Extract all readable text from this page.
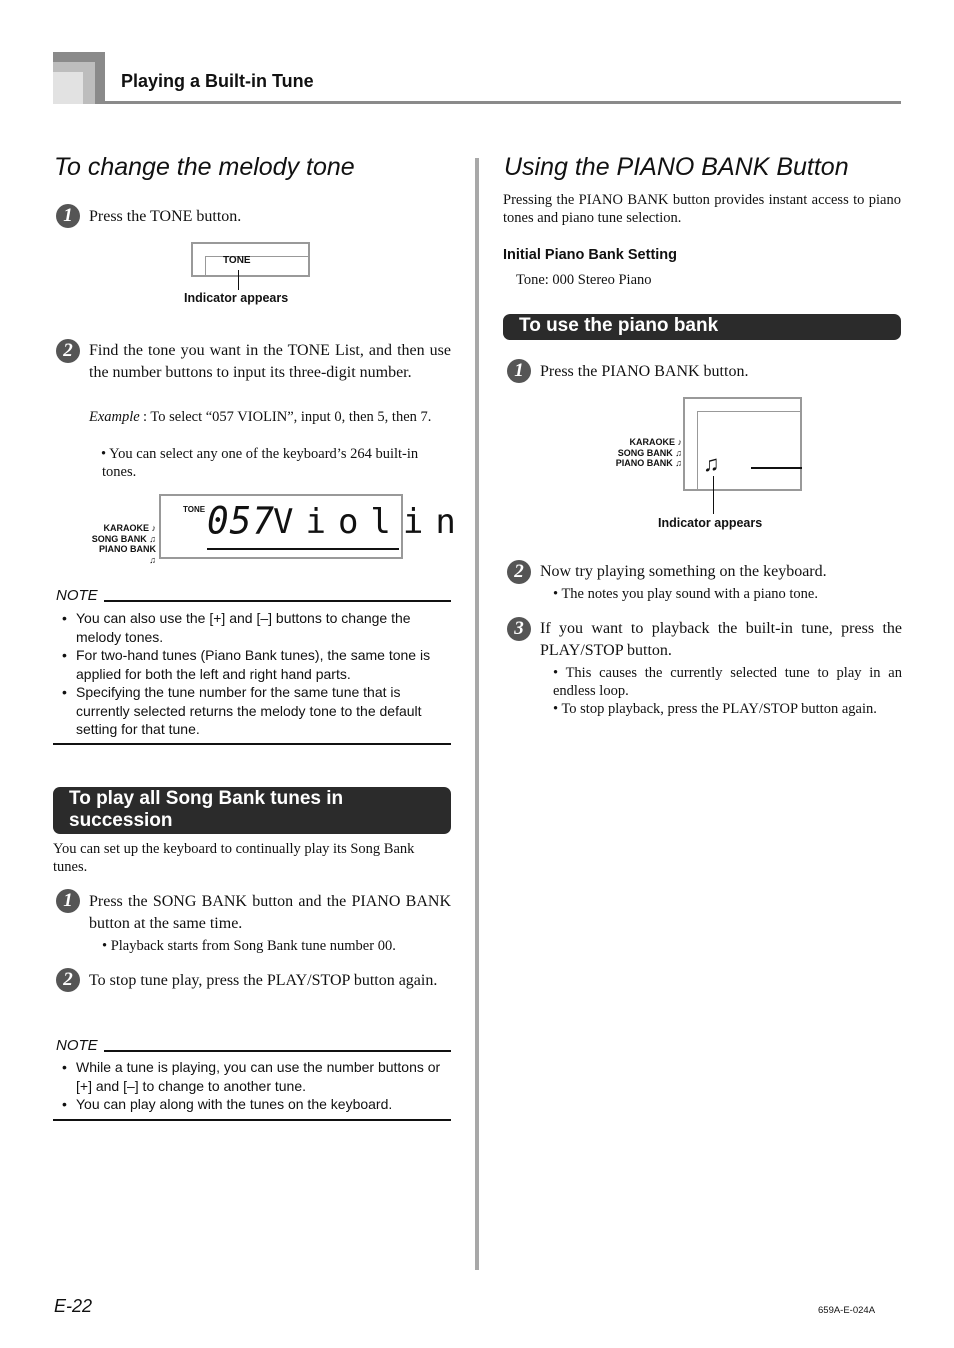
Playing a Built-in Tune
To change the melody tone
1	Press the TONE button.
TONE
Indicator appears
2	Find the tone you want in the TONE List, and then use the number buttons to input its three-digit number.
Example : To select “057 VIOLIN”, input 0, then 5, then 7.
• You can select any one of the keyboard’s 264 built-in tones.
KARAOKE ♪
SONG BANK ♫
PIANO BANK ♫
TONE 057
Violin
NOTE
• You can also use the [+] and [–] buttons to change the melody tones.
• For two-hand tunes (Piano Bank tunes), the same tone is applied for both the left and right hand parts.
• Specifying the tune number for the same tune that is currently selected returns the melody tone to the default setting for that tune.
To play all Song Bank tunes in succession
You can set up the keyboard to continually play its Song Bank tunes.
1	Press the SONG BANK button and the PIANO BANK button at the same time.
• Playback starts from Song Bank tune number 00.
2	To stop tune play, press the PLAY/STOP button again.
NOTE
• While a tune is playing, you can use the number buttons or [+] and [–] to change to another tune.
• You can play along with the tunes on the keyboard.
Using the PIANO BANK Button
Pressing the PIANO BANK button provides instant access to piano tones and piano tune selection.
Initial Piano Bank Setting
Tone: 000 Stereo Piano
To use the piano bank
1	Press the PIANO BANK button.
KARAOKE ♪
SONG BANK ♫
PIANO BANK ♫ ♫
Indicator appears
2	Now try playing something on the keyboard.
• The notes you play sound with a piano tone.
3	If you want to playback the built-in tune, press the PLAY/STOP button.
• This causes the currently selected tune to play in an endless loop.
• To stop playback, press the PLAY/STOP button again.
E-22	659A-E-024A
